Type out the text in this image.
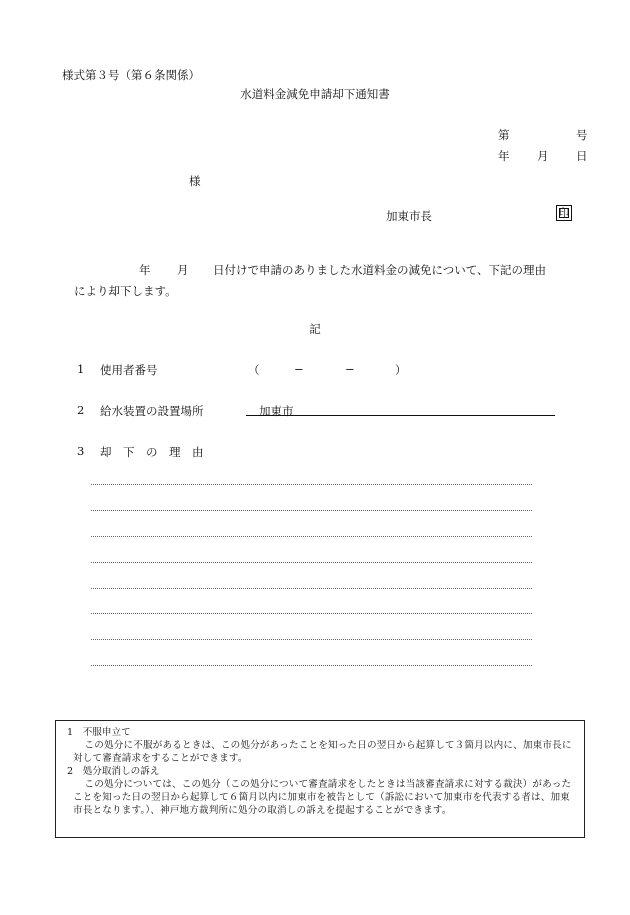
様式第３号（第６条関係）
水道料金減免申請却下通知書
第	号
年 月 日
様
加東市長	印
年 月 日付けで申請のありました水道料金の減免について、下記の理由
により却下します。
記
1 使用者番号	（	−	−	）
2 給水装置の設置場所	加東市
3 却 下 の 理 由

1　不服申立て

この処分に不服があるときは、この処分があったことを知った日の翌日から起算して３箇月以内に、加東市長に対して審査請求をすることができます。

2　処分取消しの訴え

この処分については、この処分（この処分について審査請求をしたときは当該審査請求に対する裁決）があったことを知った日の翌日から起算して６箇月以内に加東市を被告として（訴訟において加東市を代表する者は、加東市長となります。）、神戸地方裁判所に処分の取消しの訴えを提起することができます。
